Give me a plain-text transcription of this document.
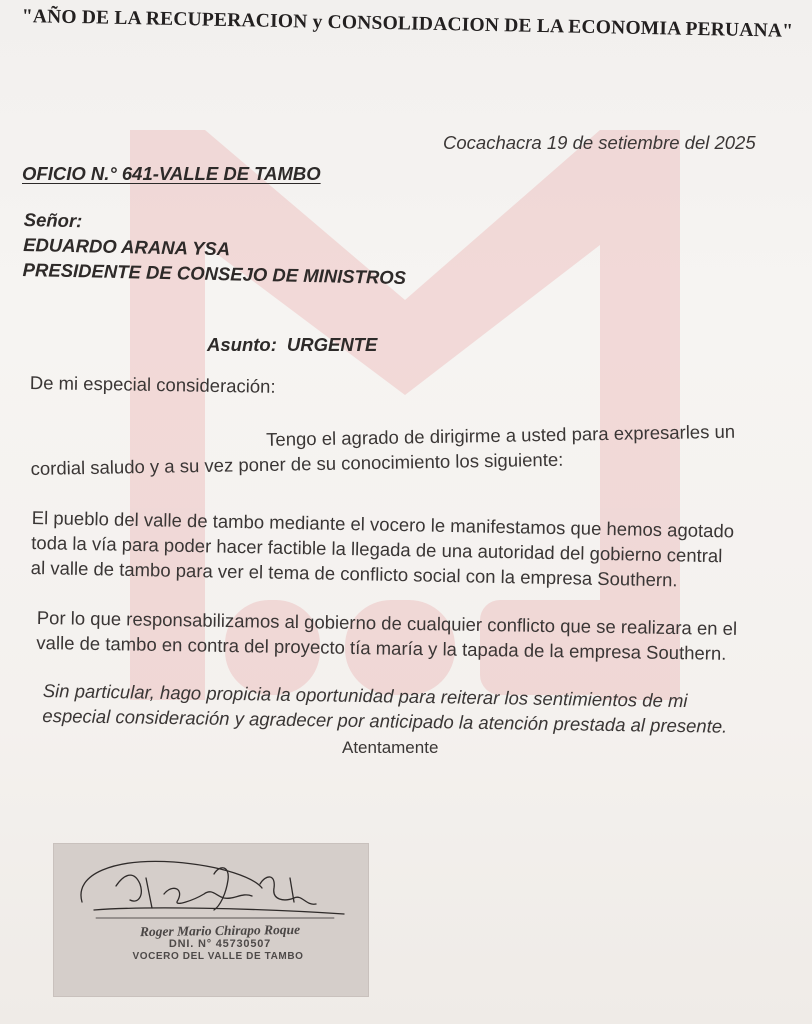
"AÑO DE LA RECUPERACION y CONSOLIDACION DE LA ECONOMIA PERUANA"
Cocachacra 19 de setiembre del 2025
OFICIO N.° 641-VALLE DE TAMBO
Señor:
EDUARDO ARANA YSA
PRESIDENTE DE CONSEJO DE MINISTROS
Asunto: URGENTE
De mi especial consideración:
Tengo el agrado de dirigirme a usted para expresarles un
cordial saludo y a su vez poner de su conocimiento los siguiente:
El pueblo del valle de tambo mediante el vocero le manifestamos que hemos agotado
toda la vía para poder hacer factible la llegada de una autoridad del gobierno central
al valle de tambo para ver el tema de conflicto social con la empresa Southern.
Por lo que responsabilizamos al gobierno de cualquier conflicto que se realizara en el
valle de tambo en contra del proyecto tía maría y la tapada de la empresa Southern.
Sin particular, hago propicia la oportunidad para reiterar los sentimientos de mi
especial consideración y agradecer por anticipado la atención prestada al presente.
Atentamente
Roger Mario Chirapo Roque
DNI. N° 45730507
VOCERO DEL VALLE DE TAMBO
